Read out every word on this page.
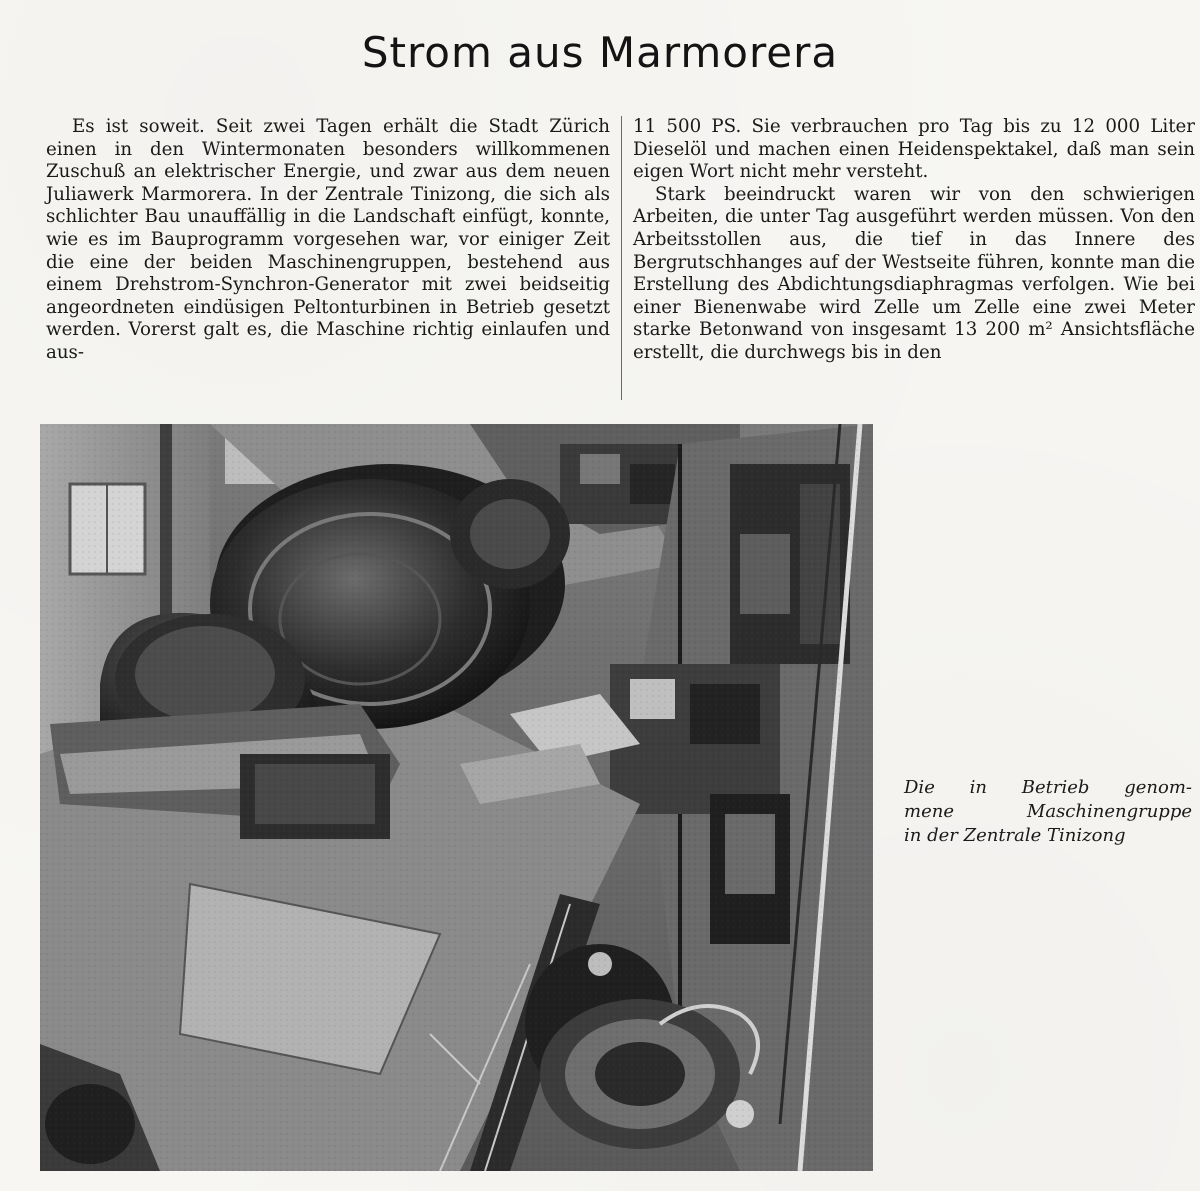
Strom aus Marmorera

Es ist soweit. Seit zwei Tagen erhält die Stadt Zürich einen in den Wintermonaten besonders willkommenen Zuschuß an elektrischer Energie, und zwar aus dem neuen Juliawerk Marmorera. In der Zentrale Tinizong, die sich als schlichter Bau unauffällig in die Landschaft einfügt, konnte, wie es im Bauprogramm vorgesehen war, vor einiger Zeit die eine der beiden Maschinengruppen, bestehend aus einem Drehstrom-Synchron-Generator mit zwei beidseitig angeordneten eindüsigen Peltonturbinen in Betrieb gesetzt werden. Vorerst galt es, die Maschine richtig einlaufen und aus-

11 500 PS. Sie verbrauchen pro Tag bis zu 12 000 Liter Dieselöl und machen einen Heidenspektakel, daß man sein eigen Wort nicht mehr versteht.

Stark beeindruckt waren wir von den schwierigen Arbeiten, die unter Tag ausgeführt werden müssen. Von den Arbeitsstollen aus, die tief in das Innere des Bergrutschhanges auf der Westseite führen, konnte man die Erstellung des Abdichtungsdiaphragmas verfolgen. Wie bei einer Bienenwabe wird Zelle um Zelle eine zwei Meter starke Betonwand von insgesamt 13 200 m² Ansichtsfläche erstellt, die durchwegs bis in den

Die in Betrieb genom-
mene Maschinengruppe
in der Zentrale Tinizong
